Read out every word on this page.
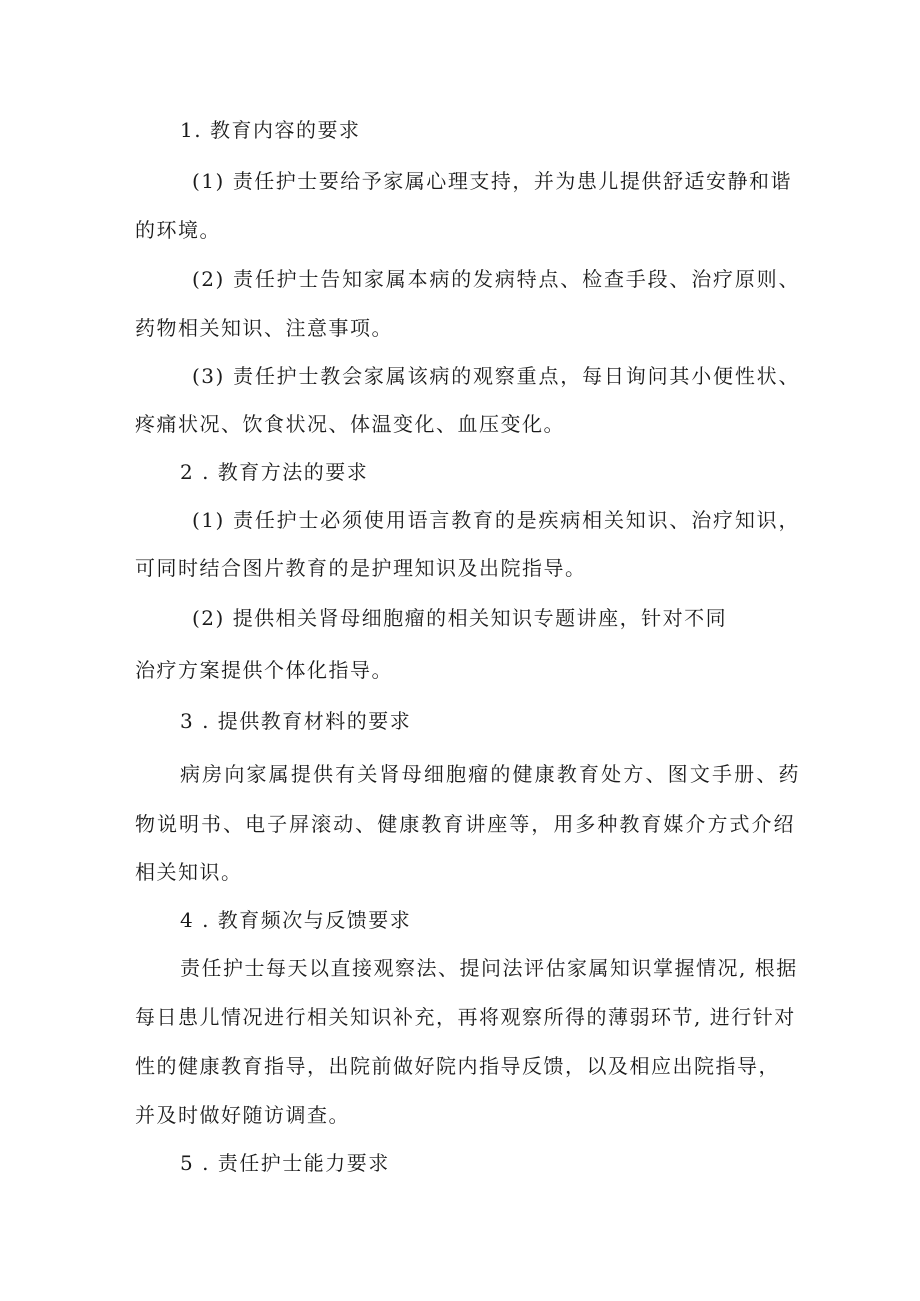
1. 教育内容的要求
(1) 责任护士要给予家属心理支持，并为患儿提供舒适安静和谐
的环境。
(2) 责任护士告知家属本病的发病特点、检查手段、治疗原则、
药物相关知识、注意事项。
(3) 责任护士教会家属该病的观察重点，每日询问其小便性状、
疼痛状况、饮食状况、体温变化、血压变化。
2 . 教育方法的要求
(1) 责任护士必须使用语言教育的是疾病相关知识、治疗知识，
可同时结合图片教育的是护理知识及出院指导。
(2) 提供相关肾母细胞瘤的相关知识专题讲座，针对不同
治疗方案提供个体化指导。
3 . 提供教育材料的要求
病房向家属提供有关肾母细胞瘤的健康教育处方、图文手册、药
物说明书、电子屏滚动、健康教育讲座等，用多种教育媒介方式介绍
相关知识。
4 . 教育频次与反馈要求
责任护士每天以直接观察法、提问法评估家属知识掌握情况, 根据
每日患儿情况进行相关知识补充，再将观察所得的薄弱环节, 进行针对
性的健康教育指导，出院前做好院内指导反馈，以及相应出院指导，
并及时做好随访调查。
5 . 责任护士能力要求
